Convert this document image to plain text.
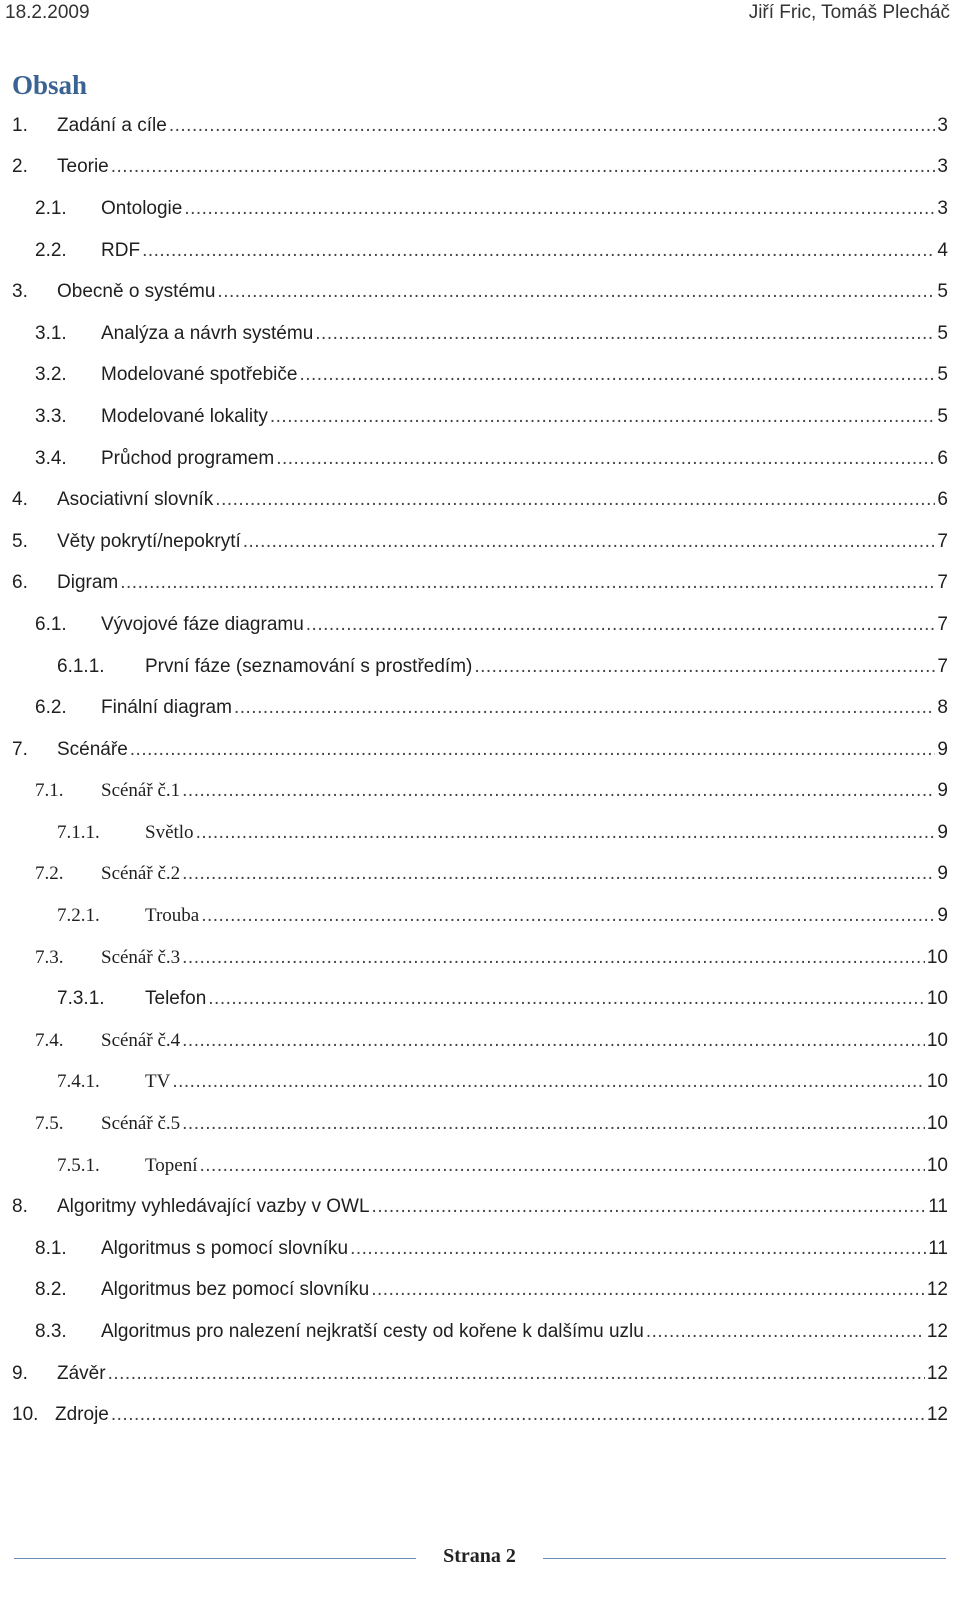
18.2.2009	Jiří Fric, Tomáš Plecháč
Obsah
1. Zadání a cíle .....	3
2. Teorie .....	3
2.1. Ontologie .....	3
2.2. RDF .....	4
3. Obecně o systému .....	5
3.1. Analýza a návrh systému .....	5
3.2. Modelované spotřebiče .....	5
3.3. Modelované lokality .....	5
3.4. Průchod programem .....	6
4. Asociativní slovník .....	6
5. Věty pokrytí/nepokrytí .....	7
6. Digram .....	7
6.1. Vývojové fáze diagramu .....	7
6.1.1. První fáze (seznamování s prostředím) .....	7
6.2. Finální diagram .....	8
7. Scénáře .....	9
7.1. Scénář č.1 .....	9
7.1.1. Světlo .....	9
7.2. Scénář č.2 .....	9
7.2.1. Trouba .....	9
7.3. Scénář č.3 .....	10
7.3.1. Telefon .....	10
7.4. Scénář č.4 .....	10
7.4.1. TV .....	10
7.5. Scénář č.5 .....	10
7.5.1. Topení .....	10
8. Algoritmy vyhledávající vazby v OWL .....	11
8.1. Algoritmus s pomocí slovníku .....	11
8.2. Algoritmus bez pomocí slovníku .....	12
8.3. Algoritmus pro nalezení nejkratší cesty od kořene k dalšímu uzlu .....	12
9. Závěr .....	12
10. Zdroje .....	12
Strana 2
